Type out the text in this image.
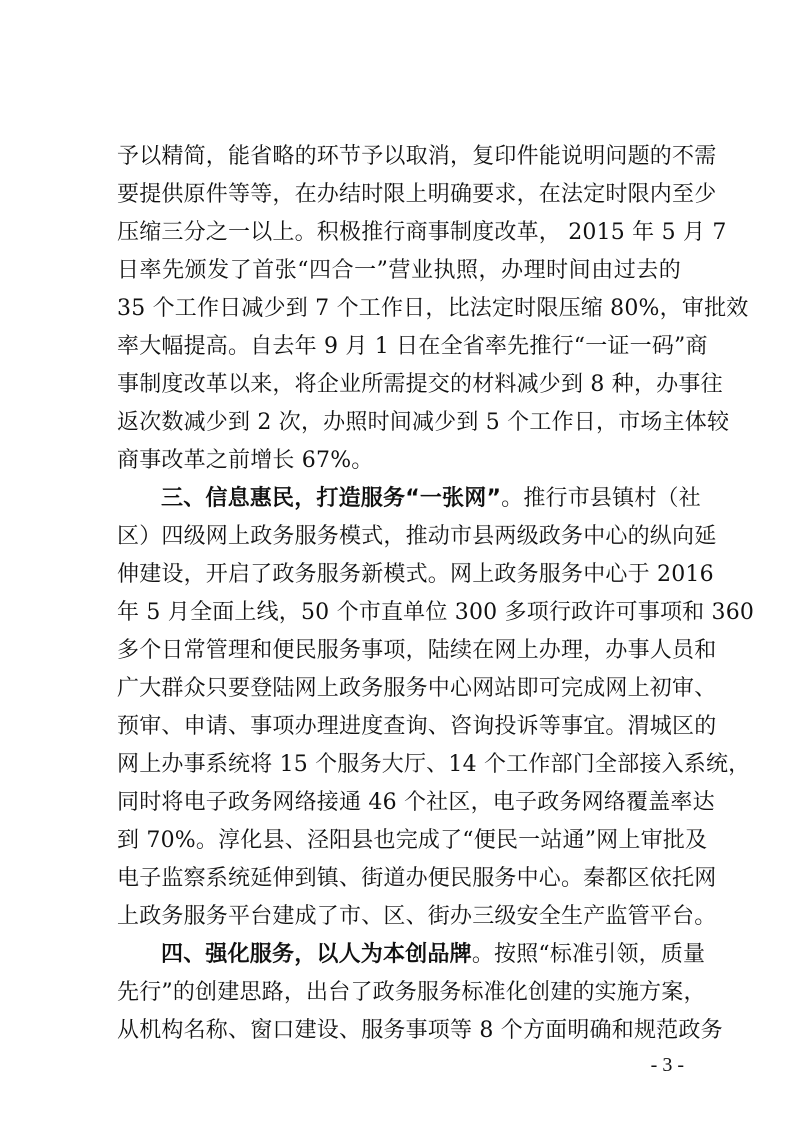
予以精简，能省略的环节予以取消，复印件能说明问题的不需
要提供原件等等，在办结时限上明确要求，在法定时限内至少
压缩三分之一以上。积极推行商事制度改革， 2015 年 5 月 7
日率先颁发了首张“四合一”营业执照，办理时间由过去的
35 个工作日减少到 7 个工作日，比法定时限压缩 80%，审批效
率大幅提高。自去年 9 月 1 日在全省率先推行“一证一码”商
事制度改革以来，将企业所需提交的材料减少到 8 种，办事往
返次数减少到 2 次，办照时间减少到 5 个工作日，市场主体较
商事改革之前增长 67%。
三、信息惠民，打造服务“一张网”。推行市县镇村（社
区）四级网上政务服务模式，推动市县两级政务中心的纵向延
伸建设，开启了政务服务新模式。网上政务服务中心于 2016
年 5 月全面上线，50 个市直单位 300 多项行政许可事项和 360
多个日常管理和便民服务事项，陆续在网上办理，办事人员和
广大群众只要登陆网上政务服务中心网站即可完成网上初审、
预审、申请、事项办理进度查询、咨询投诉等事宜。渭城区的
网上办事系统将 15 个服务大厅、14 个工作部门全部接入系统，
同时将电子政务网络接通 46 个社区，电子政务网络覆盖率达
到 70%。淳化县、泾阳县也完成了“便民一站通”网上审批及
电子监察系统延伸到镇、街道办便民服务中心。秦都区依托网
上政务服务平台建成了市、区、街办三级安全生产监管平台。
四、强化服务，以人为本创品牌。按照“标准引领，质量
先行”的创建思路，出台了政务服务标准化创建的实施方案，
从机构名称、窗口建设、服务事项等 8 个方面明确和规范政务
- 3 -
